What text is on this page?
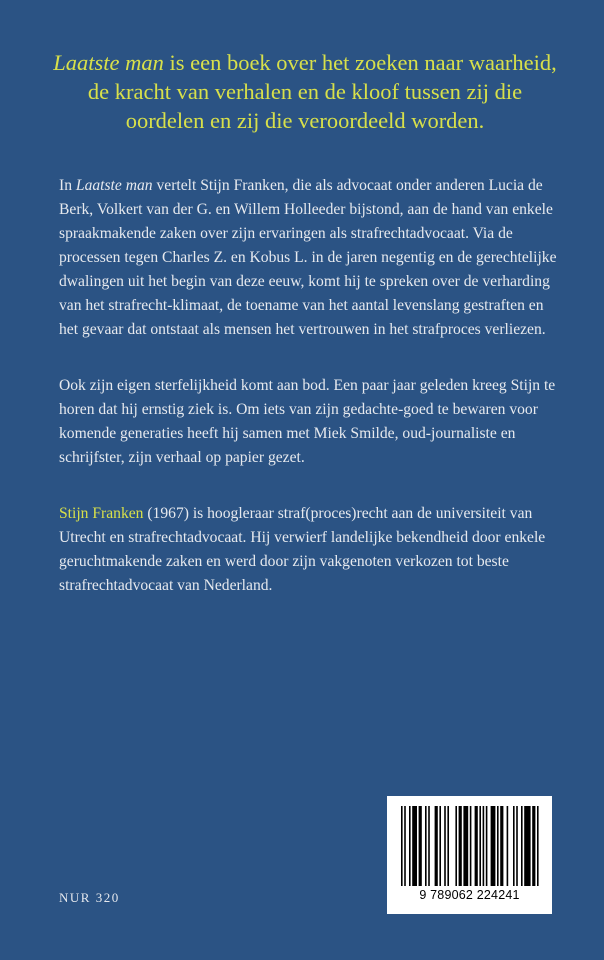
Laatste man is een boek over het zoeken naar waarheid, de kracht van verhalen en de kloof tussen zij die oordelen en zij die veroordeeld worden.
In Laatste man vertelt Stijn Franken, die als advocaat onder anderen Lucia de Berk, Volkert van der G. en Willem Holleeder bijstond, aan de hand van enkele spraakmakende zaken over zijn ervaringen als strafrechtadvocaat. Via de processen tegen Charles Z. en Kobus L. in de jaren negentig en de gerechtelijke dwalingen uit het begin van deze eeuw, komt hij te spreken over de verharding van het strafrecht-klimaat, de toename van het aantal levenslang gestraften en het gevaar dat ontstaat als mensen het vertrouwen in het strafproces verliezen.
Ook zijn eigen sterfelijkheid komt aan bod. Een paar jaar geleden kreeg Stijn te horen dat hij ernstig ziek is. Om iets van zijn gedachte-goed te bewaren voor komende generaties heeft hij samen met Miek Smilde, oud-journaliste en schrijfster, zijn verhaal op papier gezet.
Stijn Franken (1967) is hoogleraar straf(proces)recht aan de universiteit van Utrecht en strafrechtadvocaat. Hij verwierf landelijke bekendheid door enkele geruchtmakende zaken en werd door zijn vakgenoten verkozen tot beste strafrechtadvocaat van Nederland.
NUR 320	9 789062 224241
